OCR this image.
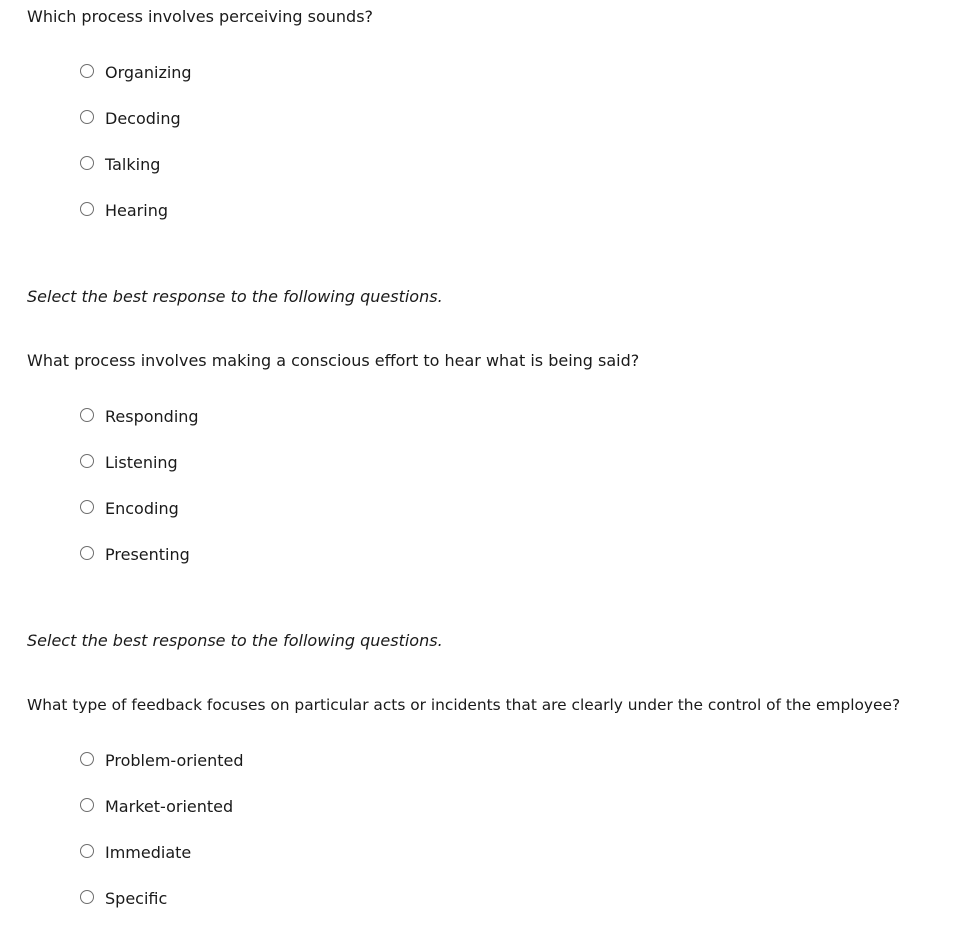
Which process involves perceiving sounds?

Organizing
Decoding
Talking
Hearing

Select the best response to the following questions.

What process involves making a conscious effort to hear what is being said?

Responding
Listening
Encoding
Presenting

Select the best response to the following questions.

What type of feedback focuses on particular acts or incidents that are clearly under the control of the employee?

Problem-oriented
Market-oriented
Immediate
Specific
